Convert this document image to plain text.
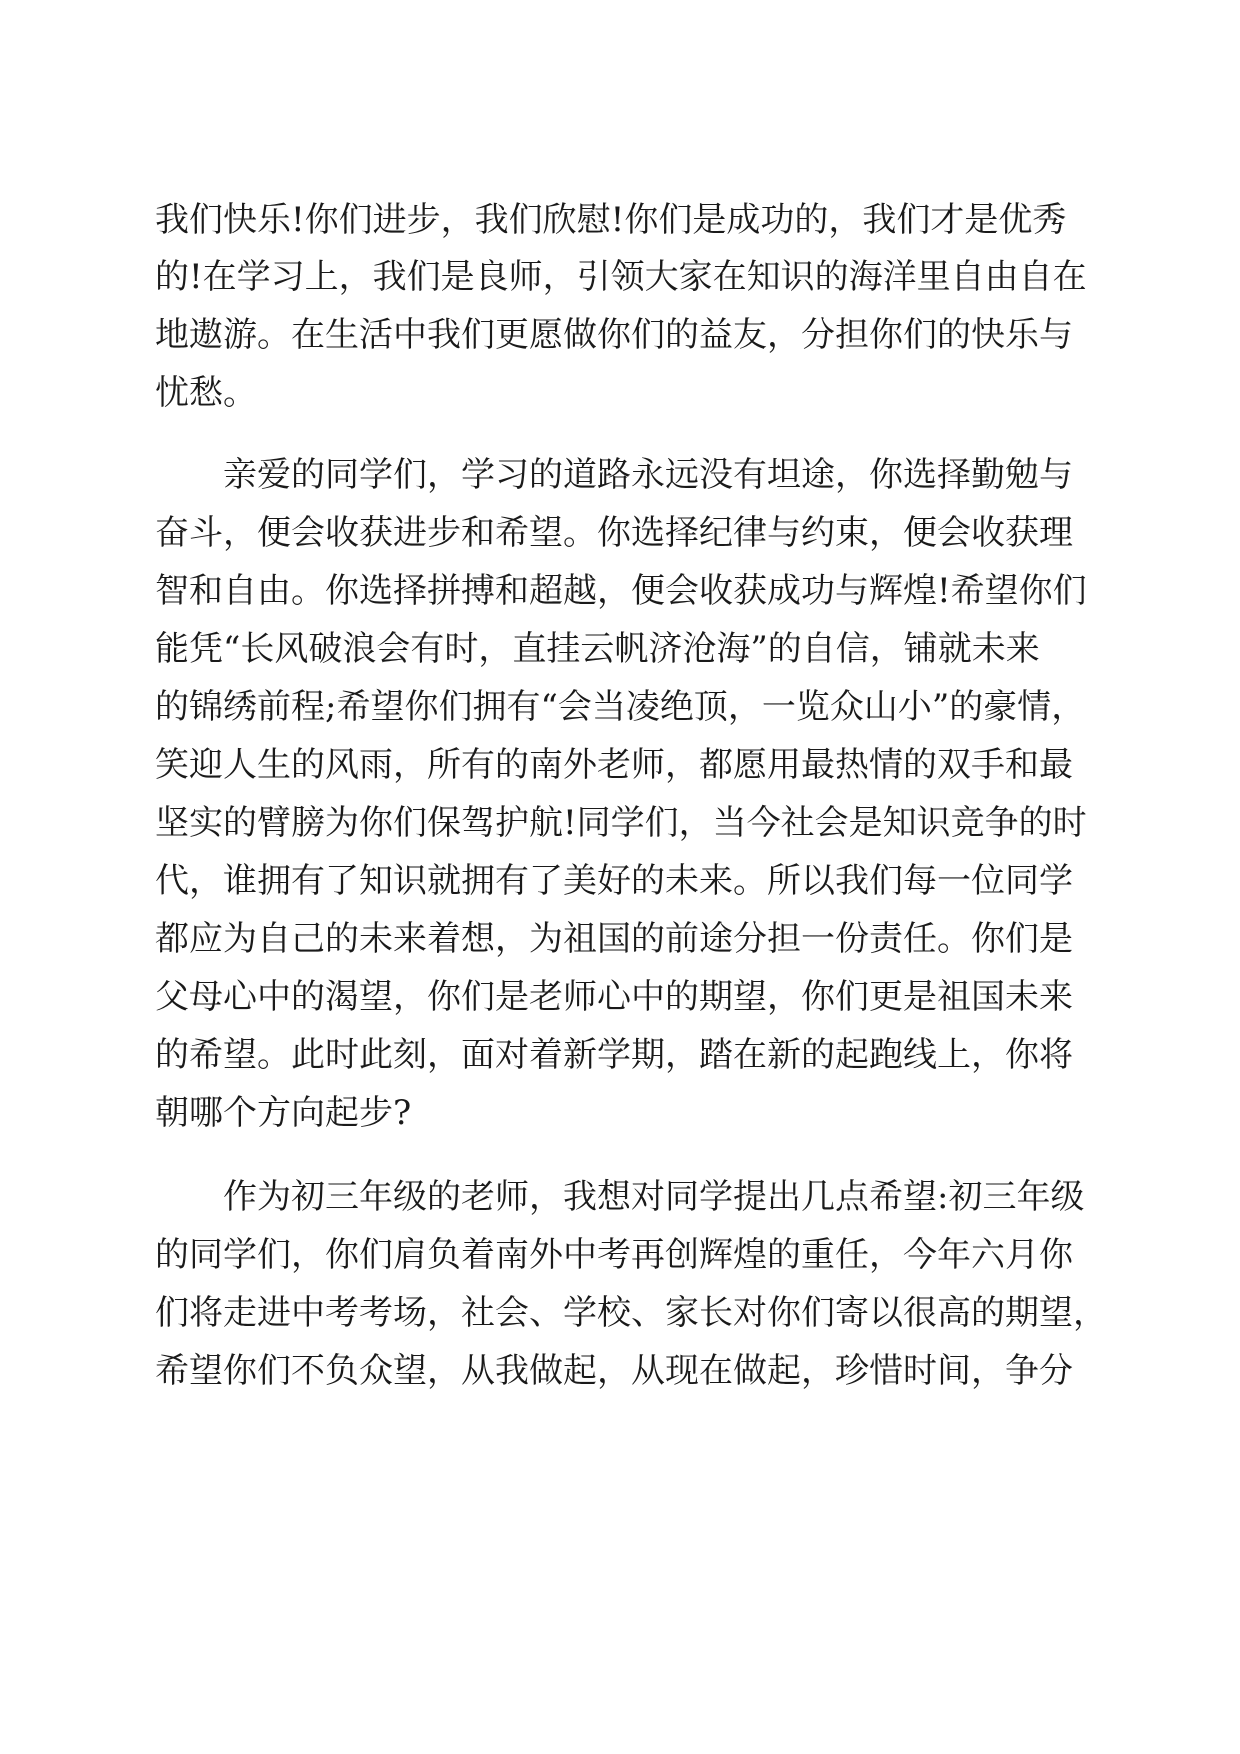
我们快乐!你们进步，我们欣慰!你们是成功的，我们才是优秀
的!在学习上，我们是良师，引领大家在知识的海洋里自由自在
地遨游。在生活中我们更愿做你们的益友，分担你们的快乐与
忧愁。
亲爱的同学们，学习的道路永远没有坦途，你选择勤勉与
奋斗，便会收获进步和希望。你选择纪律与约束，便会收获理
智和自由。你选择拼搏和超越，便会收获成功与辉煌!希望你们
能凭“长风破浪会有时，直挂云帆济沧海”的自信，铺就未来
的锦绣前程;希望你们拥有“会当凌绝顶，一览众山小”的豪情，
笑迎人生的风雨，所有的南外老师，都愿用最热情的双手和最
坚实的臂膀为你们保驾护航!同学们，当今社会是知识竞争的时
代，谁拥有了知识就拥有了美好的未来。所以我们每一位同学
都应为自己的未来着想，为祖国的前途分担一份责任。你们是
父母心中的渴望，你们是老师心中的期望，你们更是祖国未来
的希望。此时此刻，面对着新学期，踏在新的起跑线上，你将
朝哪个方向起步?
作为初三年级的老师，我想对同学提出几点希望:初三年级
的同学们，你们肩负着南外中考再创辉煌的重任，今年六月你
们将走进中考考场，社会、学校、家长对你们寄以很高的期望，
希望你们不负众望，从我做起，从现在做起，珍惜时间，争分
